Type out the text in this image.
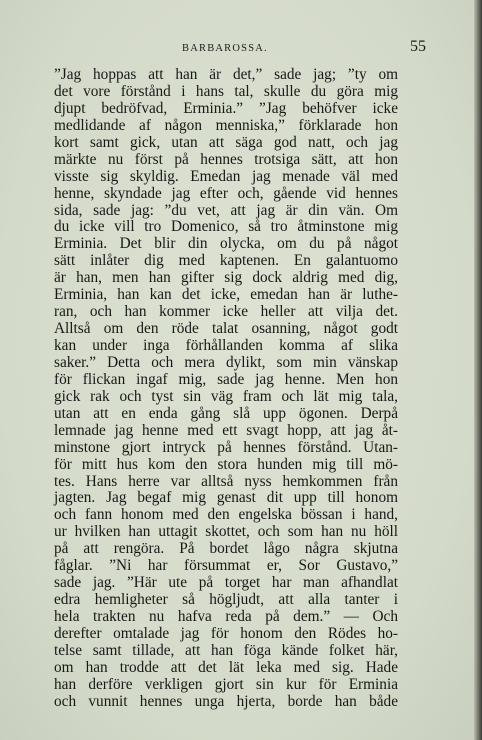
BARBAROSSA.	55
”Jag hoppas att han är det,” sade jag; ”ty om
det vore förstånd i hans tal, skulle du göra mig
djupt bedröfvad, Erminia.” ”Jag behöfver icke
medlidande af någon menniska,” förklarade hon
kort samt gick, utan att säga god natt, och jag
märkte nu först på hennes trotsiga sätt, att hon
visste sig skyldig. Emedan jag menade väl med
henne, skyndade jag efter och, gående vid hennes
sida, sade jag: ”du vet, att jag är din vän. Om
du icke vill tro Domenico, så tro åtminstone mig
Erminia. Det blir din olycka, om du på något
sätt inlåter dig med kaptenen. En galantuomo
är han, men han gifter sig dock aldrig med dig,
Erminia, han kan det icke, emedan han är luthe-
ran, och han kommer icke heller att vilja det.
Alltså om den röde talat osanning, något godt
kan under inga förhållanden komma af slika
saker.” Detta och mera dylikt, som min vänskap
för flickan ingaf mig, sade jag henne. Men hon
gick rak och tyst sin väg fram och lät mig tala,
utan att en enda gång slå upp ögonen. Derpå
lemnade jag henne med ett svagt hopp, att jag åt-
minstone gjort intryck på hennes förstånd. Utan-
för mitt hus kom den stora hunden mig till mö-
tes. Hans herre var alltså nyss hemkommen från
jagten. Jag begaf mig genast dit upp till honom
och fann honom med den engelska bössan i hand,
ur hvilken han uttagit skottet, och som han nu höll
på att rengöra. På bordet lågo några skjutna
fåglar. ”Ni har försummat er, Sor Gustavo,”
sade jag. ”Här ute på torget har man afhandlat
edra hemligheter så högljudt, att alla tanter i
hela trakten nu hafva reda på dem.” — Och
derefter omtalade jag för honom den Rödes ho-
telse samt tillade, att han föga kände folket här,
om han trodde att det lät leka med sig. Hade
han derföre verkligen gjort sin kur för Erminia
och vunnit hennes unga hjerta, borde han både
